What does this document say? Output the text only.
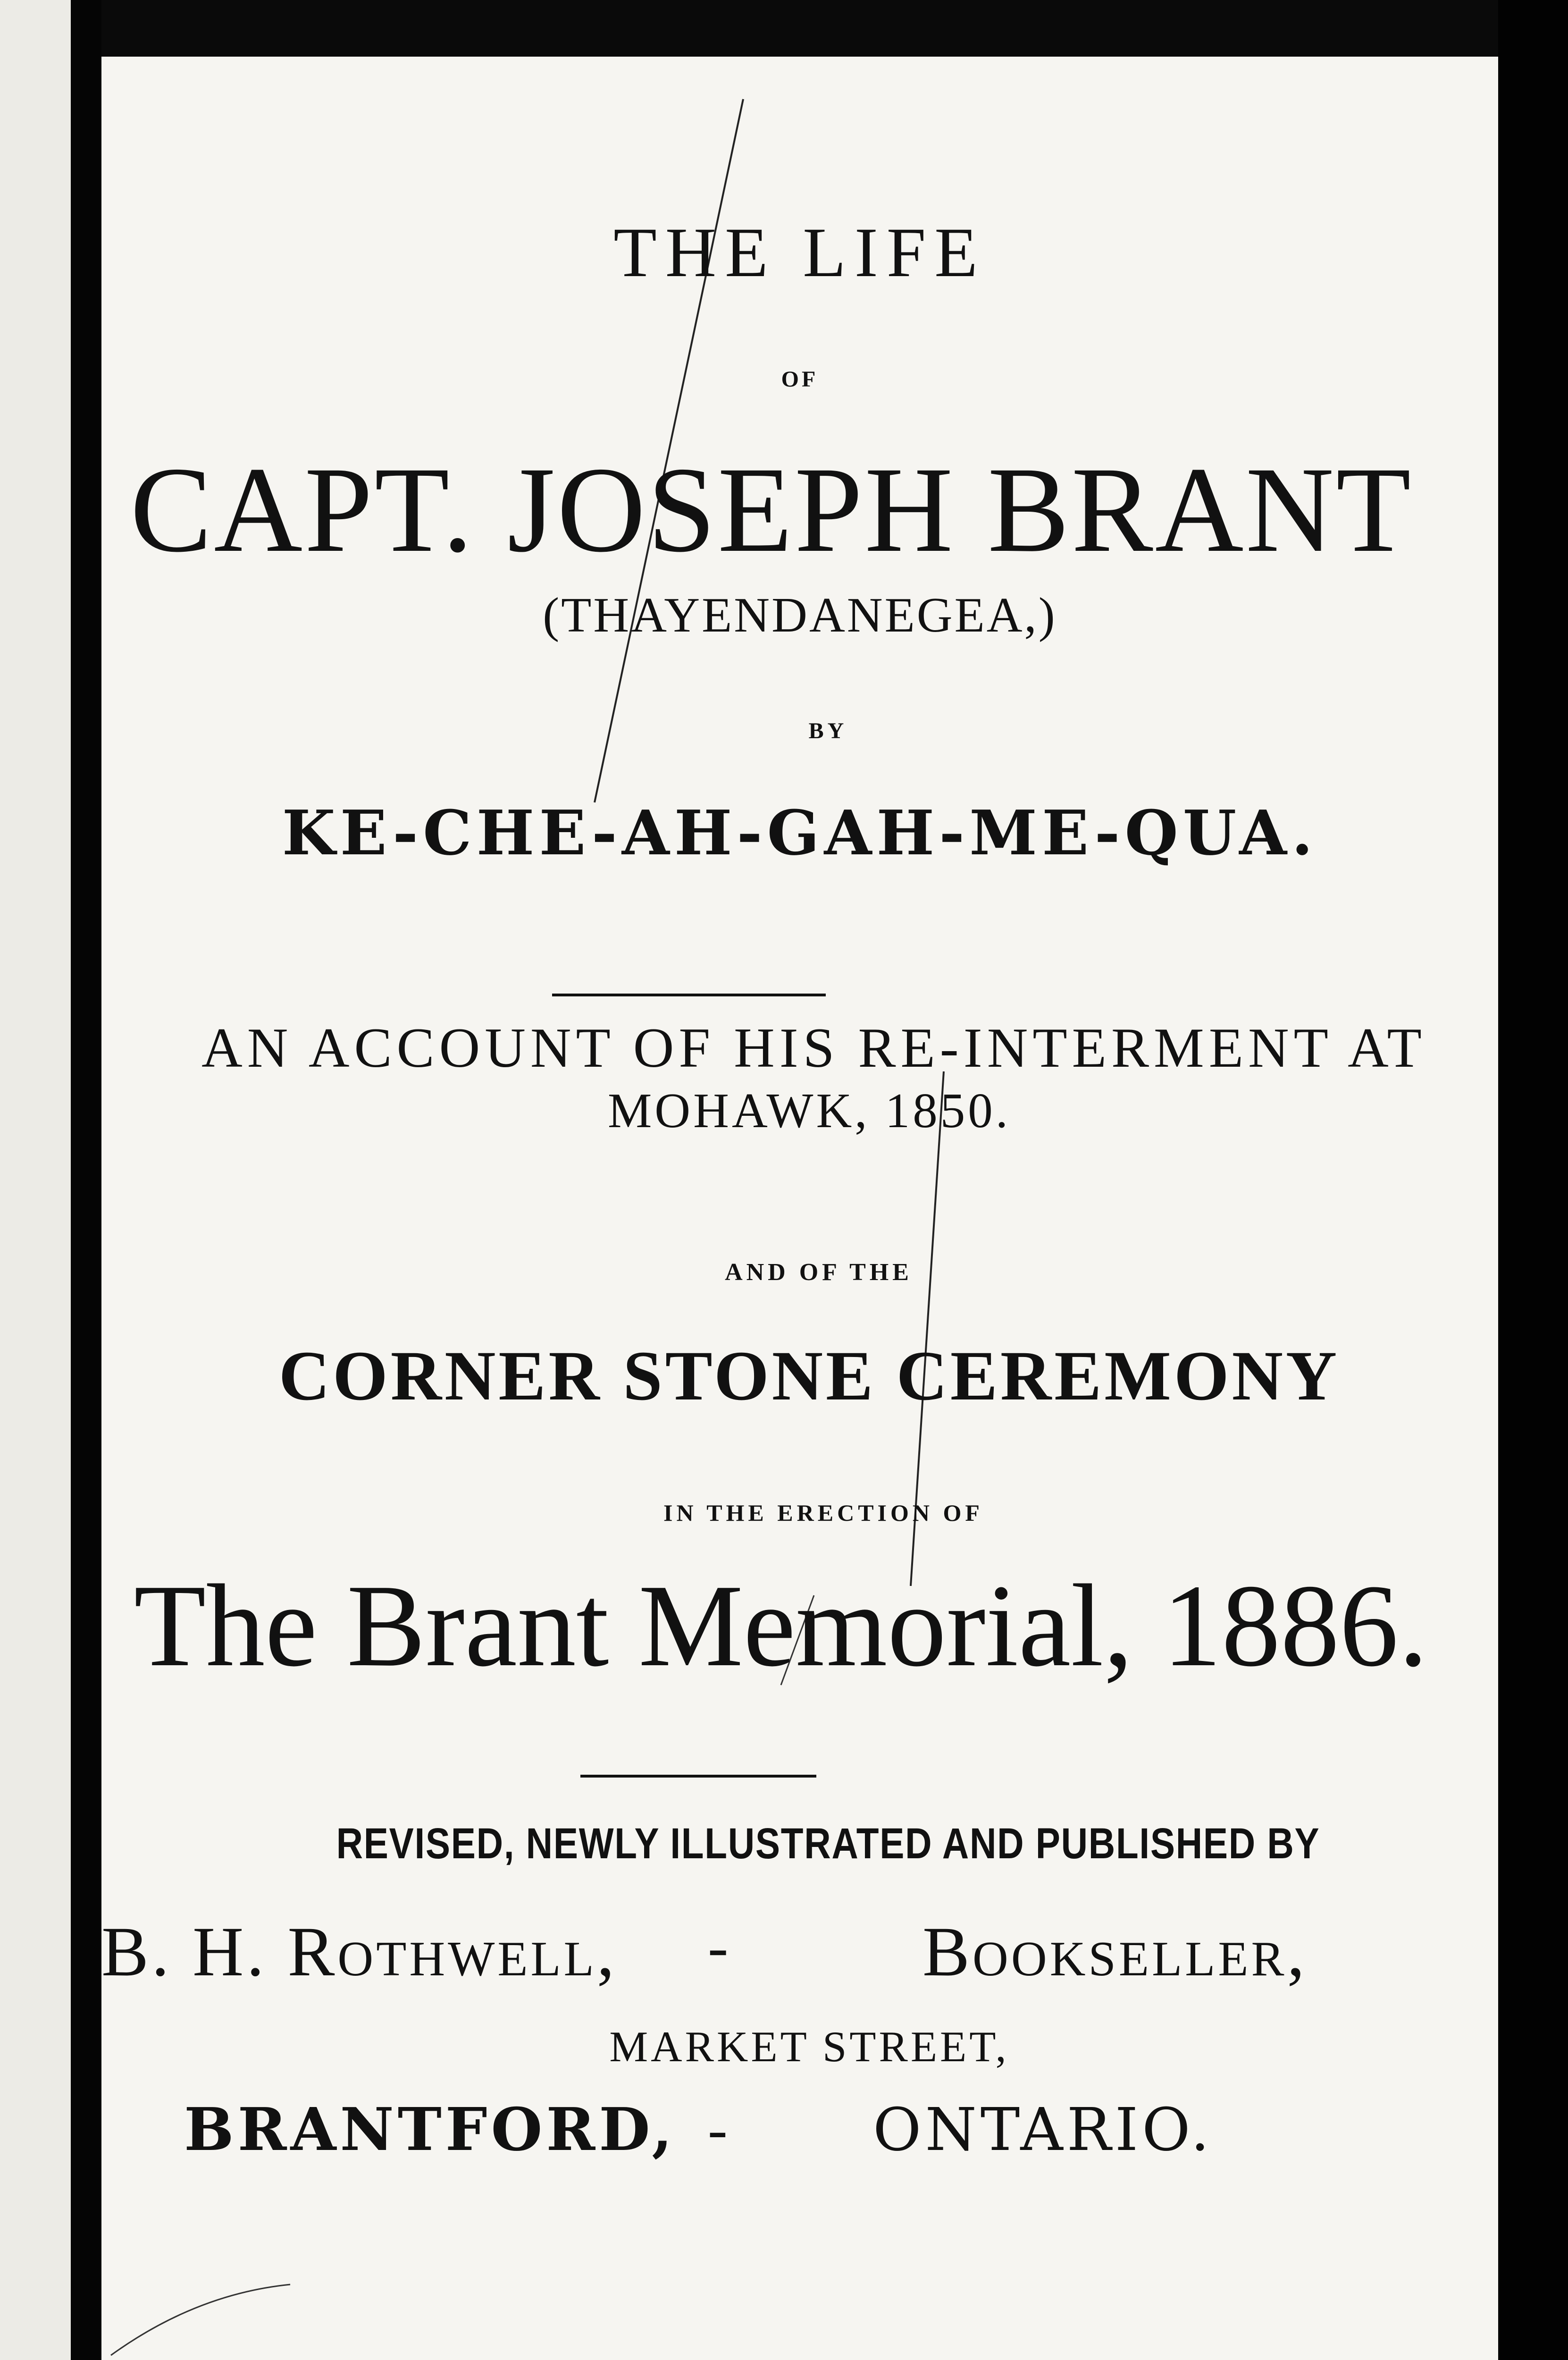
THE LIFE
OF
CAPT. JOSEPH BRANT
(THAYENDANEGEA,)
BY
KE-CHE-AH-GAH-ME-QUA.
AN ACCOUNT OF HIS RE-INTERMENT AT
MOHAWK, 1850.
AND OF THE
CORNER STONE CEREMONY
IN THE ERECTION OF
The Brant Memorial, 1886.
REVISED, NEWLY ILLUSTRATED AND PUBLISHED BY
B. H. Rothwell, -	Bookseller,
MARKET STREET,
BRANTFORD, - ONTARIO.
